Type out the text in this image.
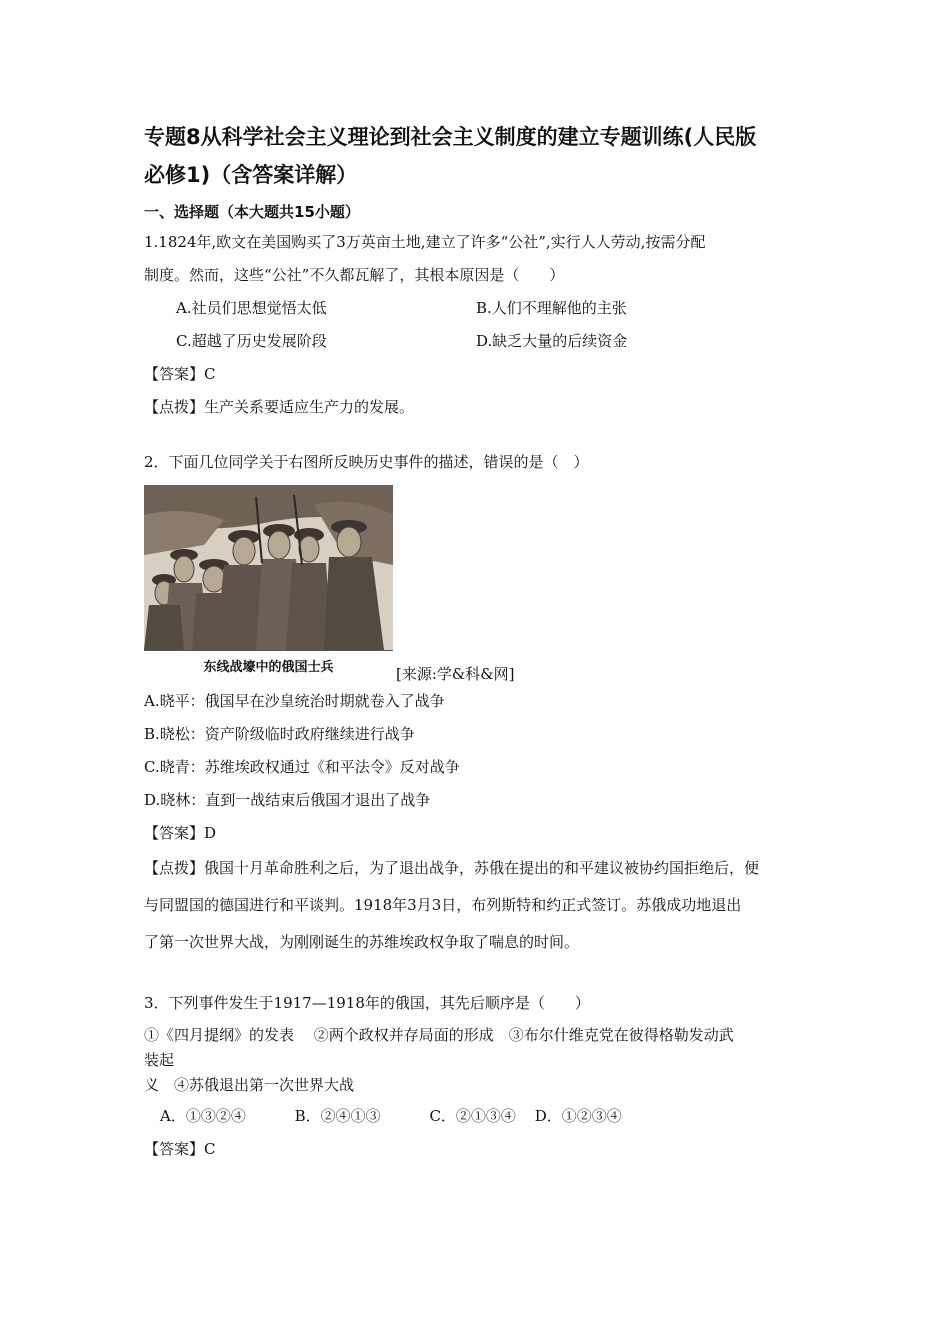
专题8从科学社会主义理论到社会主义制度的建立专题训练(人民版

必修1)（含答案详解）

一、选择题（本大题共15小题）

1.1824年,欧文在美国购买了3万英亩土地,建立了许多“公社”,实行人人劳动,按需分配

制度。然而，这些“公社”不久都瓦解了，其根本原因是（　　）

A.社员们思想觉悟太低	B.人们不理解他的主张
C.超越了历史发展阶段	D.缺乏大量的后续资金

【答案】C

【点拨】生产关系要适应生产力的发展。

2．下面几位同学关于右图所反映历史事件的描述，错误的是（　）

东线战壕中的俄国士兵	[来源:学&科&网]

A.晓平：俄国早在沙皇统治时期就卷入了战争

B.晓松：资产阶级临时政府继续进行战争

C.晓青：苏维埃政权通过《和平法令》反对战争

D.晓林：直到一战结束后俄国才退出了战争

【答案】D

【点拨】俄国十月革命胜利之后，为了退出战争，苏俄在提出的和平建议被协约国拒绝后，便

与同盟国的德国进行和平谈判。1918年3月3日，布列斯特和约正式签订。苏俄成功地退出

了第一次世界大战，为刚刚诞生的苏维埃政权争取了喘息的时间。

3．下列事件发生于1917—1918年的俄国，其先后顺序是（　　）

①《四月提纲》的发表　 ②两个政权并存局面的形成　③布尔什维克党在彼得格勒发动武

装起

义　④苏俄退出第一次世界大战

A．①③②④	B．②④①③	C．②①③④ D．①②③④

【答案】C
